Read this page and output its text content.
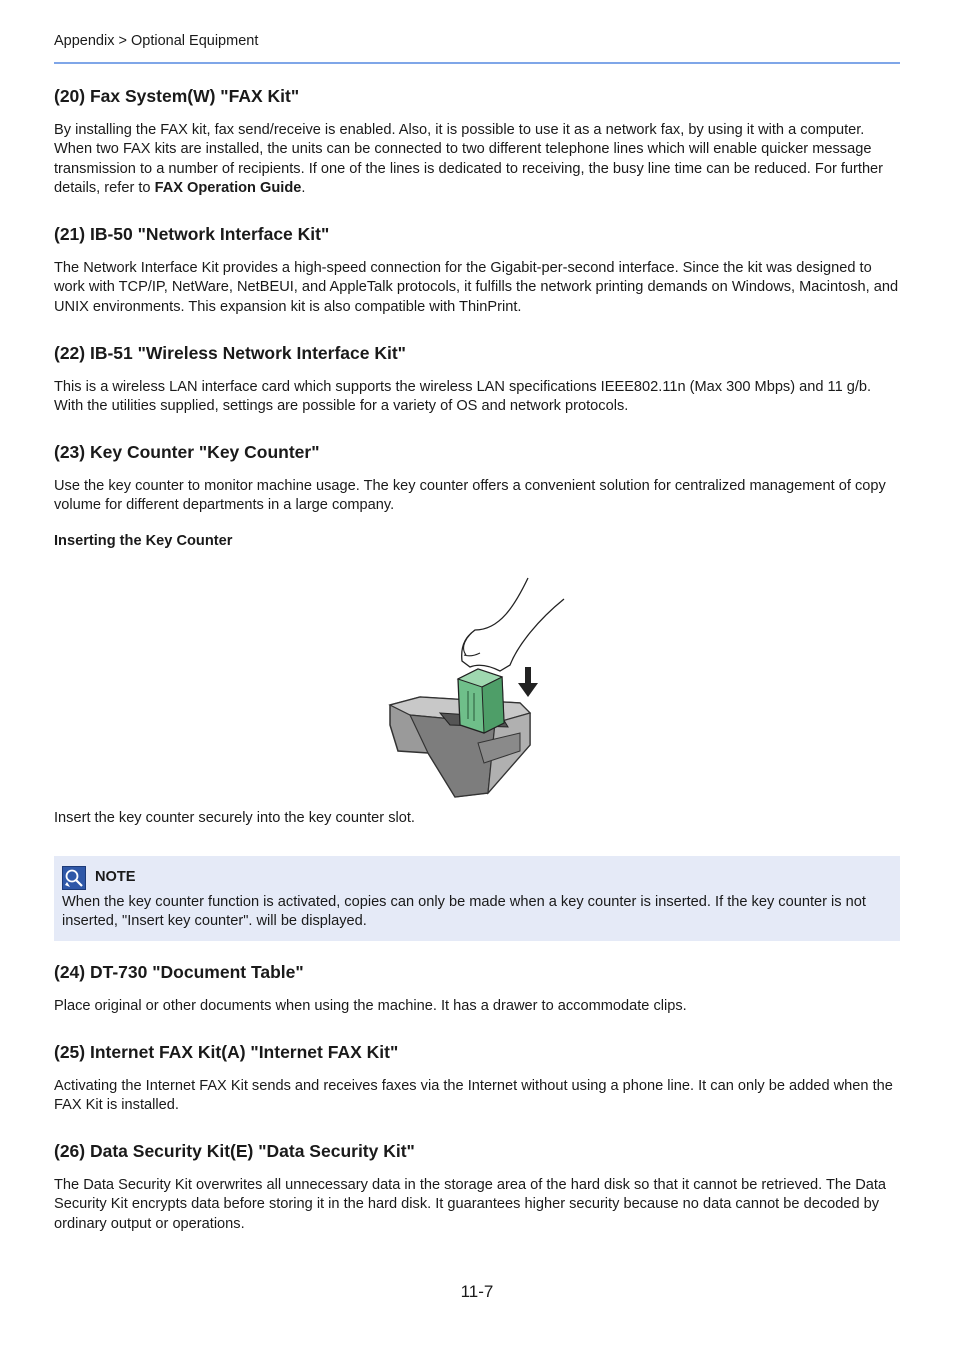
Appendix > Optional Equipment
(20) Fax System(W) "FAX Kit"

By installing the FAX kit, fax send/receive is enabled. Also, it is possible to use it as a network fax, by using it with a computer. When two FAX kits are installed, the units can be connected to two different telephone lines which will enable quicker message transmission to a number of recipients. If one of the lines is dedicated to receiving, the busy line time can be reduced. For further details, refer to FAX Operation Guide.

(21) IB-50 "Network Interface Kit"

The Network Interface Kit provides a high-speed connection for the Gigabit-per-second interface. Since the kit was designed to work with TCP/IP, NetWare, NetBEUI, and AppleTalk protocols, it fulfills the network printing demands on Windows, Macintosh, and UNIX environments. This expansion kit is also compatible with ThinPrint.

(22) IB-51 "Wireless Network Interface Kit"

This is a wireless LAN interface card which supports the wireless LAN specifications IEEE802.11n (Max 300 Mbps) and 11 g/b. With the utilities supplied, settings are possible for a variety of OS and network protocols.

(23) Key Counter "Key Counter"

Use the key counter to monitor machine usage. The key counter offers a convenient solution for centralized management of copy volume for different departments in a large company.

Inserting the Key Counter

Insert the key counter securely into the key counter slot.

NOTE

When the key counter function is activated, copies can only be made when a key counter is inserted. If the key counter is not inserted, "Insert key counter". will be displayed.

(24) DT-730 "Document Table"

Place original or other documents when using the machine. It has a drawer to accommodate clips.

(25) Internet FAX Kit(A) "Internet FAX Kit"

Activating the Internet FAX Kit sends and receives faxes via the Internet without using a phone line. It can only be added when the FAX Kit is installed.

(26) Data Security Kit(E) "Data Security Kit"

The Data Security Kit overwrites all unnecessary data in the storage area of the hard disk so that it cannot be retrieved. The Data Security Kit encrypts data before storing it in the hard disk. It guarantees higher security because no data cannot be decoded by ordinary output or operations.

11-7
